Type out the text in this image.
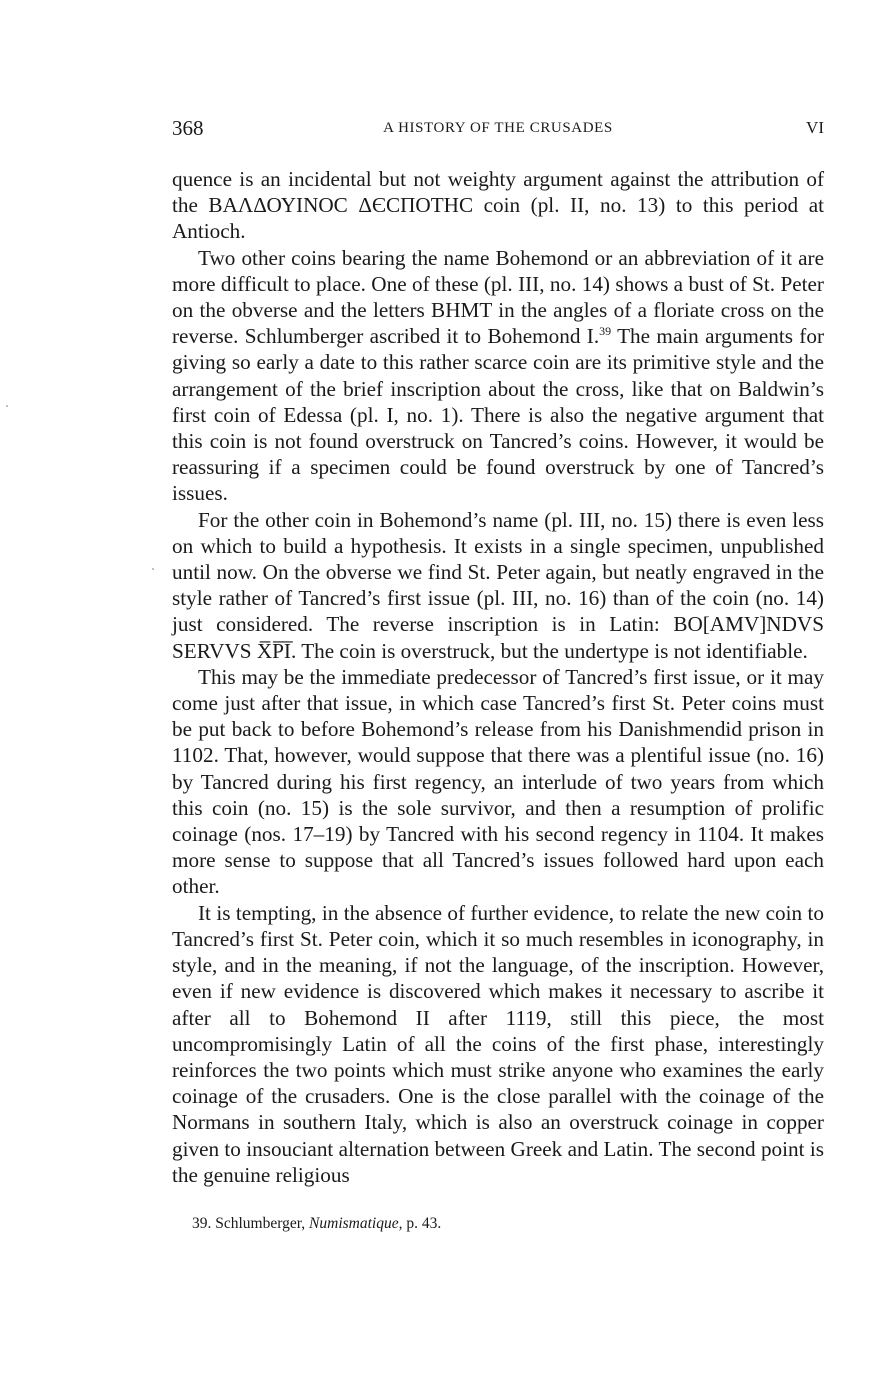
368	A HISTORY OF THE CRUSADES	VI

quence is an incidental but not weighty argument against the attribution of the ΒΑΛΔΟΥΙΝΟС ΔЄСΠΟΤΗС coin (pl. II, no. 13) to this period at Antioch.

Two other coins bearing the name Bohemond or an abbreviation of it are more difficult to place. One of these (pl. III, no. 14) shows a bust of St. Peter on the obverse and the letters BHMT in the angles of a floriate cross on the reverse. Schlumberger ascribed it to Bohemond I.$^{39}$ The main arguments for giving so early a date to this rather scarce coin are its primitive style and the arrangement of the brief inscription about the cross, like that on Baldwin’s first coin of Edessa (pl. I, no. 1). There is also the negative argument that this coin is not found overstruck on Tancred’s coins. However, it would be reassuring if a specimen could be found overstruck by one of Tancred’s issues.

For the other coin in Bohemond’s name (pl. III, no. 15) there is even less on which to build a hypothesis. It exists in a single specimen, unpublished until now. On the obverse we find St. Peter again, but neatly engraved in the style rather of Tancred’s first issue (pl. III, no. 16) than of the coin (no. 14) just considered. The reverse inscription is in Latin: BO[AMV]NDVS SERVVS X̅P̅I̅. The coin is overstruck, but the undertype is not identifiable.

This may be the immediate predecessor of Tancred’s first issue, or it may come just after that issue, in which case Tancred’s first St. Peter coins must be put back to before Bohemond’s release from his Danishmendid prison in 1102. That, however, would suppose that there was a plentiful issue (no. 16) by Tancred during his first regency, an interlude of two years from which this coin (no. 15) is the sole survivor, and then a resumption of prolific coinage (nos. 17–19) by Tancred with his second regency in 1104. It makes more sense to suppose that all Tancred’s issues followed hard upon each other.

It is tempting, in the absence of further evidence, to relate the new coin to Tancred’s first St. Peter coin, which it so much resembles in iconography, in style, and in the meaning, if not the language, of the inscription. However, even if new evidence is discovered which makes it necessary to ascribe it after all to Bohemond II after 1119, still this piece, the most uncompromisingly Latin of all the coins of the first phase, interestingly reinforces the two points which must strike anyone who examines the early coinage of the crusaders. One is the close parallel with the coinage of the Normans in southern Italy, which is also an overstruck coinage in copper given to insouciant alternation between Greek and Latin. The second point is the genuine religious

39. Schlumberger, Numismatique, p. 43.
